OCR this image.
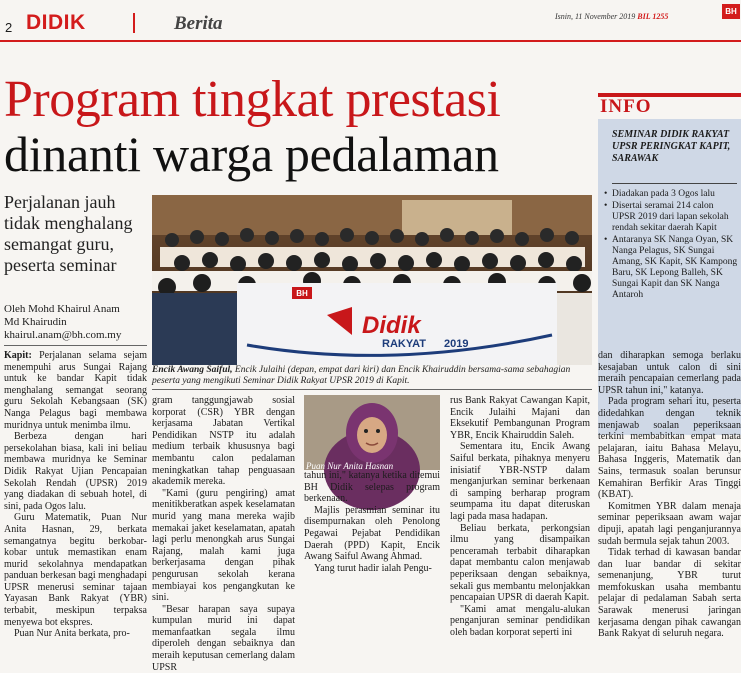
2 DIDIK	Berita	Isnin, 11 November 2019 BIL 1255
BH
Program tingkat prestasi
dinanti warga pedalaman
Perjalanan jauh tidak menghalang semangat guru, peserta seminar
Oleh Mohd Khairul Anam
Md Khairudin
khairul.anam@bh.com.my
BH
Didik
RAKYAT 2019
Encik Awang Saiful, Encik Julaihi (depan, empat dari kiri) dan Encik Khairuddin bersama-sama sebahagian peserta yang mengikuti Seminar Didik Rakyat UPSR 2019 di Kapit.
INFO
SEMINAR DIDIK RAKYAT UPSR PERINGKAT KAPIT, SARAWAK
• Diadakan pada 3 Ogos lalu
• Disertai seramai 214 calon UPSR 2019 dari lapan sekolah rendah sekitar daerah Kapit
• Antaranya SK Nanga Oyan, SK Nanga Pelagus, SK Sungai Amang, SK Kapit, SK Kampong Baru, SK Lepong Balleh, SK Sungai Kapit dan SK Nanga Antaroh

Kapit: Perjalanan selama sejam menempuhi arus Sungai Rajang untuk ke bandar Kapit tidak menghalang semangat seorang guru Sekolah Kebangsaan (SK) Nanga Pelagus bagi membawa muridnya untuk menimba ilmu.

Berbeza dengan hari persekolahan biasa, kali ini beliau membawa muridnya ke Seminar Didik Rakyat Ujian Pencapaian Sekolah Rendah (UPSR) 2019 yang diadakan di sebuah hotel, di sini, pada Ogos lalu.

Guru Matematik, Puan Nur Anita Hasnan, 29, berkata semangatnya begitu berkobar-kobar untuk memastikan enam murid sekolahnya mendapatkan panduan berkesan bagi menghadapi UPSR menerusi seminar tajaan Yayasan Bank Rakyat (YBR) terbabit, meskipun terpaksa menyewa bot ekspres.

Puan Nur Anita berkata, pro-

gram tanggungjawab sosial korporat (CSR) YBR dengan kerjasama Jabatan Vertikal Pendidikan NSTP itu adalah medium terbaik khususnya bagi membantu calon pedalaman meningkatkan tahap penguasaan akademik mereka.

"Kami (guru pengiring) amat menitikberatkan aspek keselamatan murid yang mana mereka wajib memakai jaket keselamatan, apatah lagi perlu menongkah arus Sungai Rajang, malah kami juga berkerjasama dengan pihak pengurusan sekolah kerana membiayai kos pengangkutan ke sini.

"Besar harapan saya supaya kumpulan murid ini dapat memanfaatkan segala ilmu diperoleh dengan sebaiknya dan meraih keputusan cemerlang dalam UPSR

Puan Nur Anita Hasnan

tahun ini," katanya ketika ditemui BH Didik selepas program berkenaan.

Majlis perasmian seminar itu disempurnakan oleh Penolong Pegawai Pejabat Pendidikan Daerah (PPD) Kapit, Encik Awang Saiful Awang Ahmad.

Yang turut hadir ialah Pengu-

rus Bank Rakyat Cawangan Kapit, Encik Julaihi Majani dan Eksekutif Pembangunan Program YBR, Encik Khairuddin Saleh.

Sementara itu, Encik Awang Saiful berkata, pihaknya menyeru inisiatif YBR-NSTP dalam menganjurkan seminar berkenaan di samping berharap program seumpama itu dapat diteruskan lagi pada masa hadapan.

Beliau berkata, perkongsian ilmu yang disampaikan penceramah terbabit diharapkan dapat membantu calon menjawab peperiksaan dengan sebaiknya, sekali gus membantu melonjakkan pencapaian UPSR di daerah Kapit.

"Kami amat mengalu-alukan penganjuran seminar pendidikan oleh badan korporat seperti ini

dan diharapkan semoga berlaku kesajaban untuk calon di sini meraih pencapaian cemerlang pada UPSR tahun ini," katanya.

Pada program sehari itu, peserta didedahkan dengan teknik menjawab soalan peperiksaan terkini membabitkan empat mata pelajaran, iaitu Bahasa Melayu, Bahasa Inggeris, Matematik dan Sains, termasuk soalan berunsur Kemahiran Berfikir Aras Tinggi (KBAT).

Komitmen YBR dalam menaja seminar peperiksaan awam wajar dipuji, apatah lagi penganjurannya sudah bermula sejak tahun 2003.

Tidak terhad di kawasan bandar dan luar bandar di sekitar semenanjung, YBR turut memfokuskan usaha membantu pelajar di pedalaman Sabah serta Sarawak menerusi jaringan kerjasama dengan pihak cawangan Bank Rakyat di seluruh negara.
